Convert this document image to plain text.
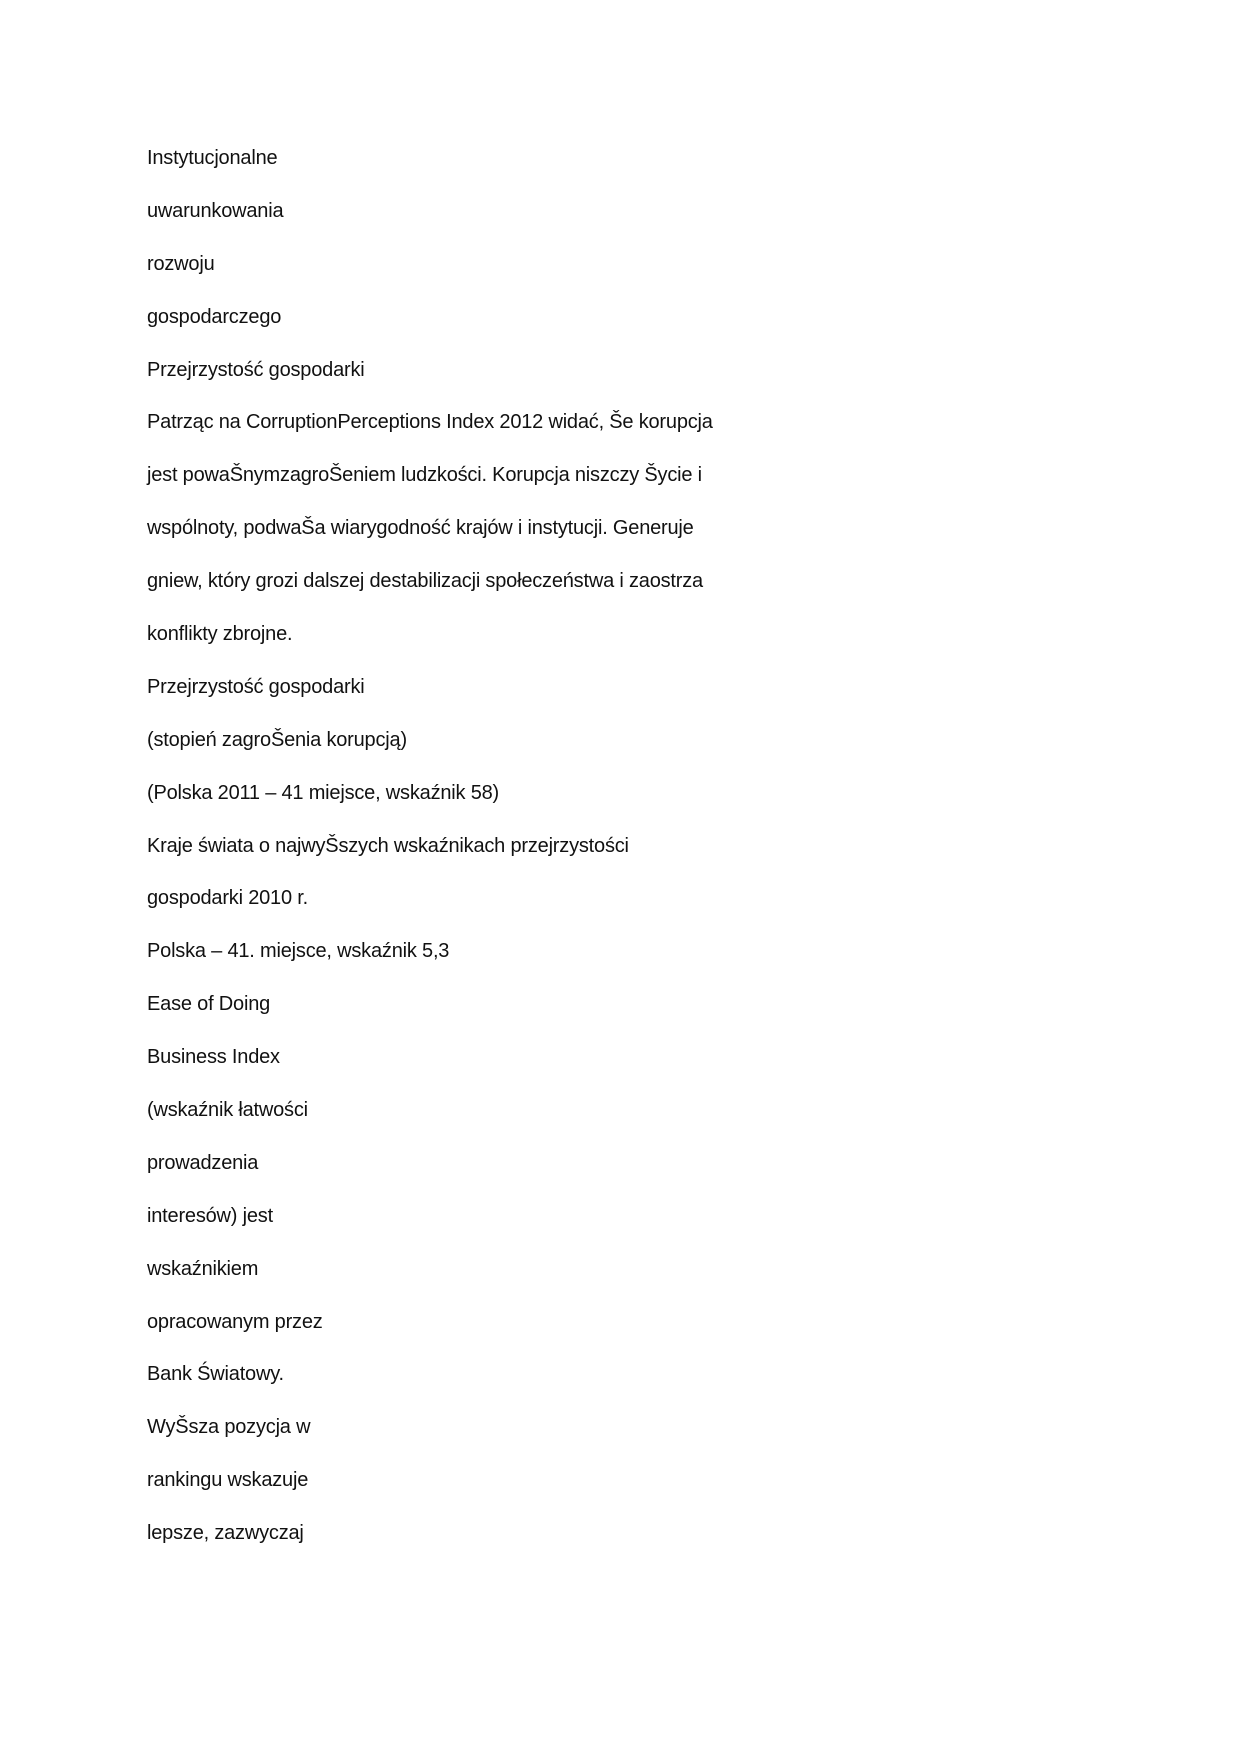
Instytucjonalne
uwarunkowania
rozwoju
gospodarczego
Przejrzystość gospodarki
Patrząc na CorruptionPerceptions Index 2012 widać, Še korupcja
jest powaŠnymzagroŠeniem ludzkości. Korupcja niszczy Šycie i
wspólnoty, podwaŠa wiarygodność krajów i instytucji. Generuje
gniew, który grozi dalszej destabilizacji społeczeństwa i zaostrza
konflikty zbrojne.
Przejrzystość gospodarki
(stopień zagroŠenia korupcją)
(Polska 2011 – 41 miejsce, wskaźnik 58)
Kraje świata o najwyŠszych wskaźnikach przejrzystości
gospodarki 2010 r.
Polska – 41. miejsce, wskaźnik 5,3
Ease of Doing
Business Index
(wskaźnik łatwości
prowadzenia
interesów) jest
wskaźnikiem
opracowanym przez
Bank Światowy.
WyŠsza pozycja w
rankingu wskazuje
lepsze, zazwyczaj
